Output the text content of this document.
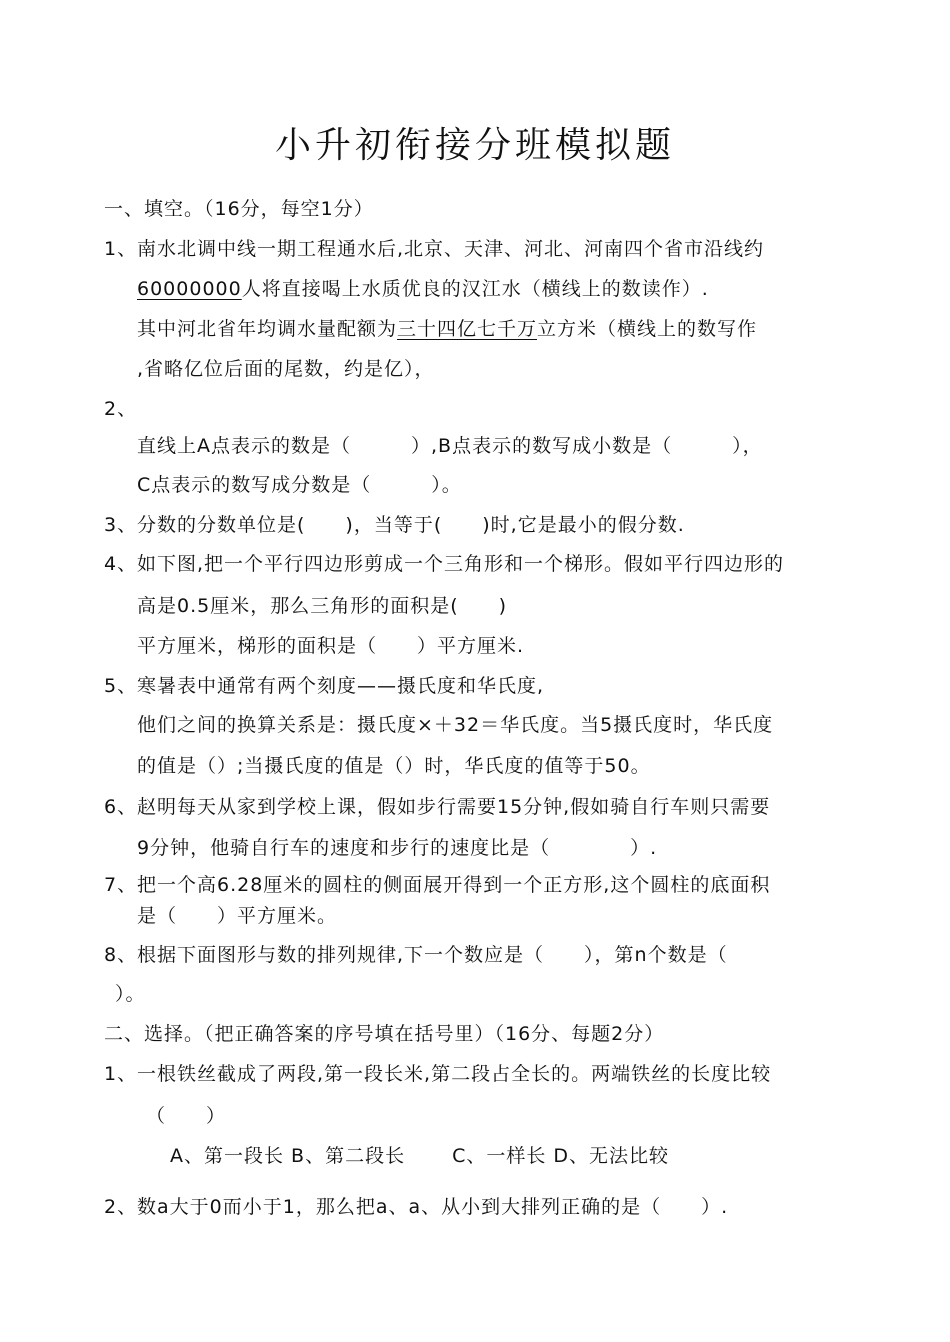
小升初衔接分班模拟题
一、填空。（16分，每空1分）
1、 南水北调中线一期工程通水后,北京、天津、河北、河南四个省市沿线约
60000000人将直接喝上水质优良的汉江水（横线上的数读作）.
其中河北省年均调水量配额为三十四亿七千万立方米（横线上的数写作
,省略亿位后面的尾数，约是亿），
2、
直线上A点表示的数是（　　　）,B点表示的数写成小数是（　　　），
C点表示的数写成分数是（　　　）。
3、 分数的分数单位是(　　)，当等于(　　)时,它是最小的假分数.
4、 如下图,把一个平行四边形剪成一个三角形和一个梯形。假如平行四边形的
高是0.5厘米，那么三角形的面积是(　　)
平方厘米，梯形的面积是（　　）平方厘米.
5、 寒暑表中通常有两个刻度——摄氏度和华氏度,
他们之间的换算关系是：摄氏度×＋32＝华氏度。当5摄氏度时，华氏度
的值是（）;当摄氏度的值是（）时，华氏度的值等于50。
6、 赵明每天从家到学校上课，假如步行需要15分钟,假如骑自行车则只需要
9分钟，他骑自行车的速度和步行的速度比是（　　　　）.
7、 把一个高6.28厘米的圆柱的侧面展开得到一个正方形,这个圆柱的底面积
是（　　）平方厘米。
8、 根据下面图形与数的排列规律,下一个数应是（　　），第n个数是（
）。
二、选择。（把正确答案的序号填在括号里）（16分、每题2分）
1、 一根铁丝截成了两段,第一段长米,第二段占全长的。两端铁丝的长度比较
（　　）
A、第一段长 B、第二段长　　 C、一样长 D、无法比较
2、 数a大于0而小于1，那么把a、a、从小到大排列正确的是（　　）.
